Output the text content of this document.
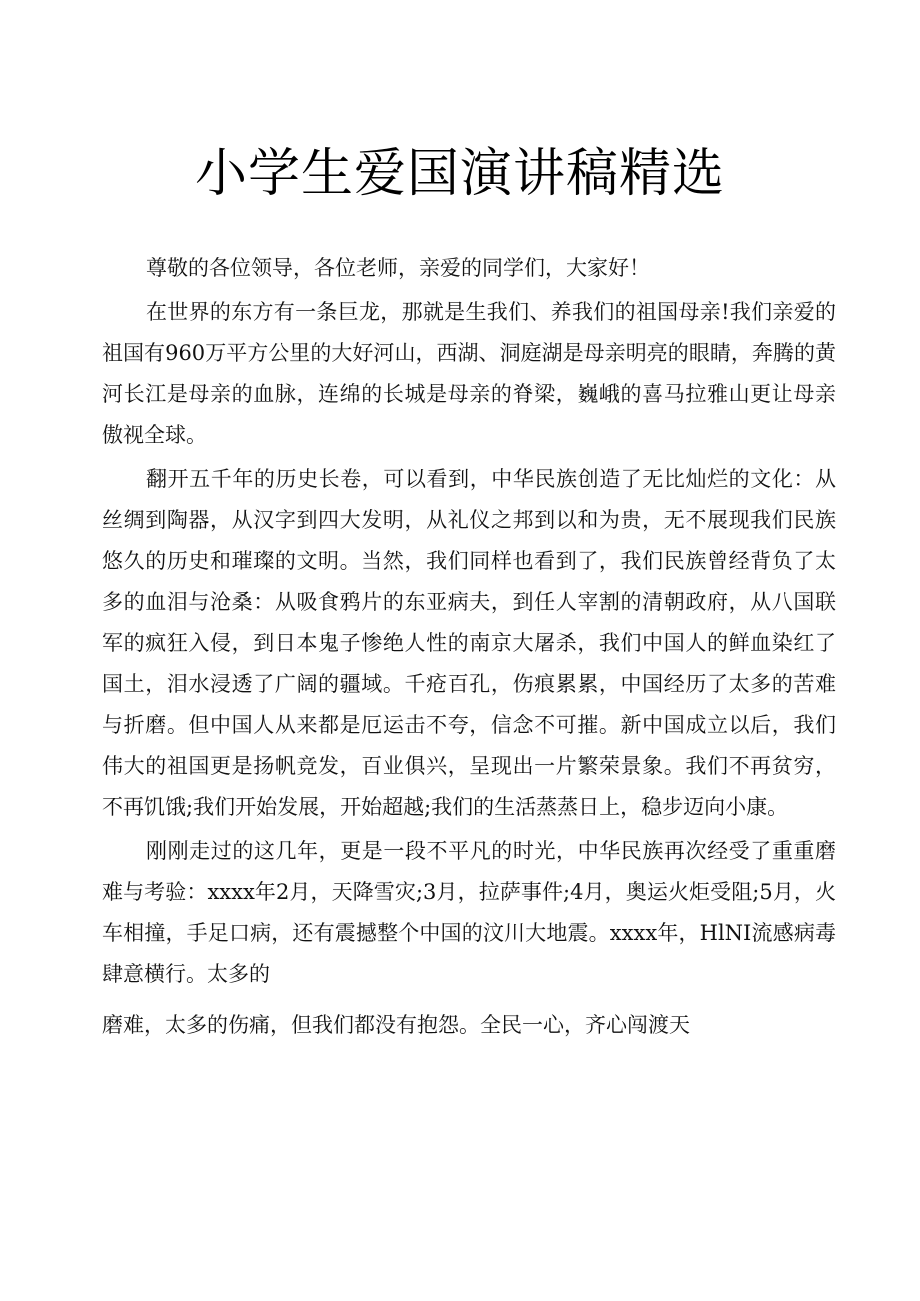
小学生爱国演讲稿精选

尊敬的各位领导，各位老师，亲爱的同学们，大家好！

在世界的东方有一条巨龙，那就是生我们、养我们的祖国母亲!我们亲爱的祖国有960万平方公里的大好河山，西湖、洞庭湖是母亲明亮的眼睛，奔腾的黄河长江是母亲的血脉，连绵的长城是母亲的脊梁，巍峨的喜马拉雅山更让母亲傲视全球。

翻开五千年的历史长卷，可以看到，中华民族创造了无比灿烂的文化：从丝绸到陶器，从汉字到四大发明，从礼仪之邦到以和为贵，无不展现我们民族悠久的历史和璀璨的文明。当然，我们同样也看到了，我们民族曾经背负了太多的血泪与沧桑：从吸食鸦片的东亚病夫，到任人宰割的清朝政府，从八国联军的疯狂入侵，到日本鬼子惨绝人性的南京大屠杀，我们中国人的鲜血染红了国土，泪水浸透了广阔的疆域。千疮百孔，伤痕累累，中国经历了太多的苦难与折磨。但中国人从来都是厄运击不夸，信念不可摧。新中国成立以后，我们伟大的祖国更是扬帆竞发，百业俱兴，呈现出一片繁荣景象。我们不再贫穷，不再饥饿;我们开始发展，开始超越;我们的生活蒸蒸日上，稳步迈向小康。

刚刚走过的这几年，更是一段不平凡的时光，中华民族再次经受了重重磨难与考验：xxxx年2月，天降雪灾;3月，拉萨事件;4月，奥运火炬受阻;5月，火车相撞，手足口病，还有震撼整个中国的汶川大地震。xxxx年，HlNI流感病毒肆意横行。太多的

磨难，太多的伤痛，但我们都没有抱怨。全民一心，齐心闯渡天
